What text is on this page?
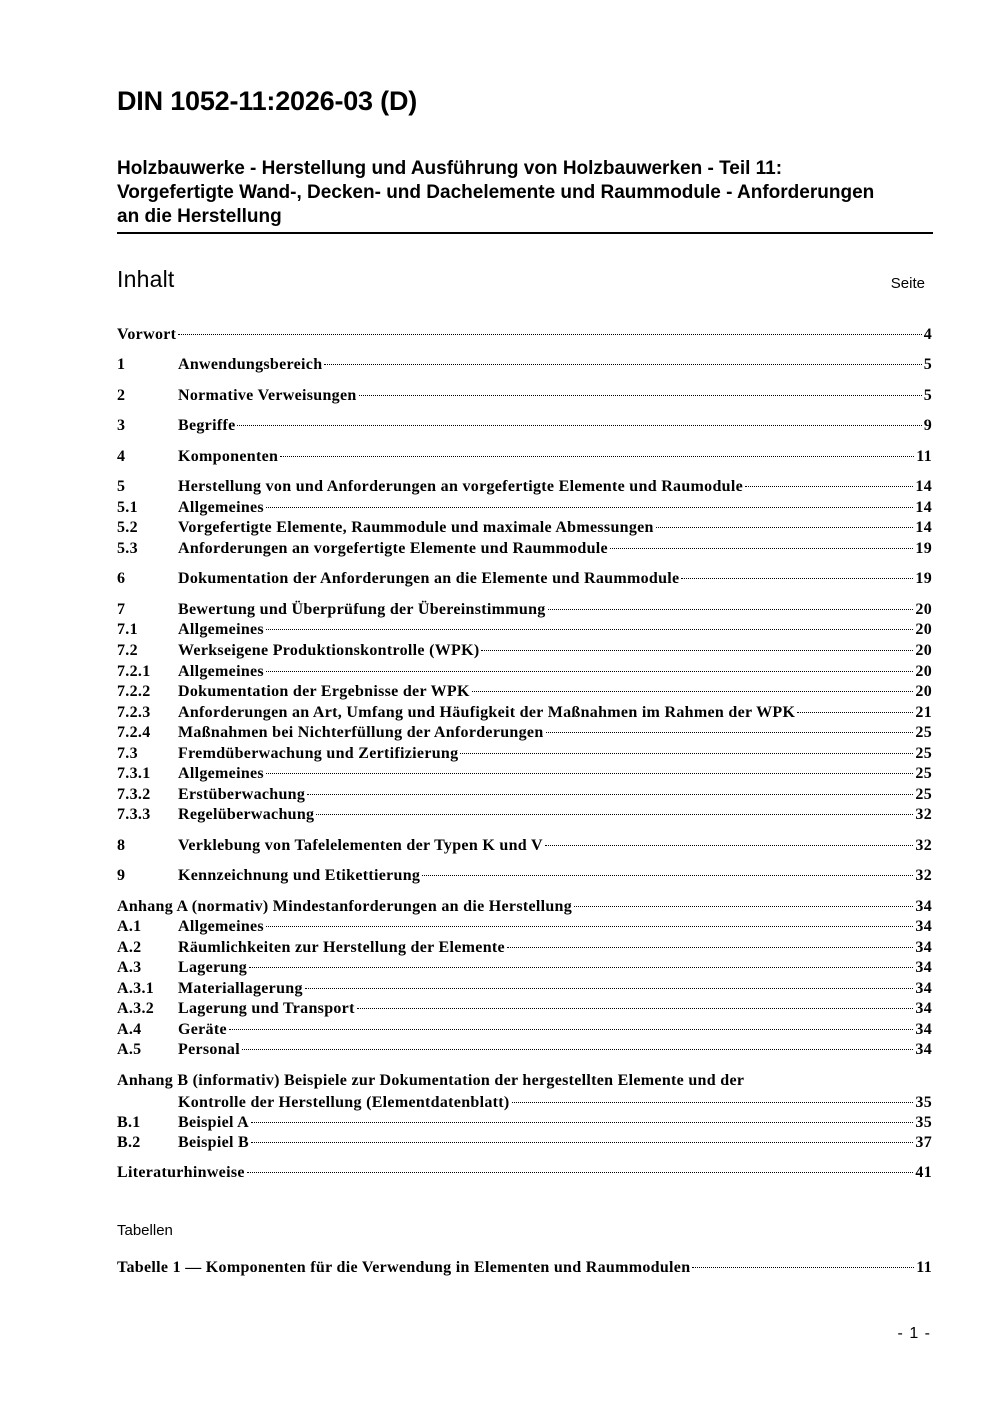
DIN 1052-11:2026-03 (D)
Holzbauwerke - Herstellung und Ausführung von Holzbauwerken - Teil 11:
Vorgefertigte Wand-, Decken- und Dachelemente und Raummodule - Anforderungen
an die Herstellung
Inhalt	Seite
Vorwort	4
1	Anwendungsbereich	5
2	Normative Verweisungen	5
3	Begriffe	9
4	Komponenten	11
5	Herstellung von und Anforderungen an vorgefertigte Elemente und Raumodule	14
5.1	Allgemeines	14
5.2	Vorgefertigte Elemente, Raummodule und maximale Abmessungen	14
5.3	Anforderungen an vorgefertigte Elemente und Raummodule	19
6	Dokumentation der Anforderungen an die Elemente und Raummodule	19
7	Bewertung und Überprüfung der Übereinstimmung	20
7.1	Allgemeines	20
7.2	Werkseigene Produktionskontrolle (WPK)	20
7.2.1 Allgemeines	20
7.2.2 Dokumentation der Ergebnisse der WPK	20
7.2.3 Anforderungen an Art, Umfang und Häufigkeit der Maßnahmen im Rahmen der WPK	21
7.2.4 Maßnahmen bei Nichterfüllung der Anforderungen	25
7.3	Fremdüberwachung und Zertifizierung	25
7.3.1 Allgemeines	25
7.3.2 Erstüberwachung	25
7.3.3 Regelüberwachung	32
8	Verklebung von Tafelelementen der Typen K und V	32
9	Kennzeichnung und Etikettierung	32
Anhang A (normativ) Mindestanforderungen an die Herstellung	34
A.1 Allgemeines	34
A.2 Räumlichkeiten zur Herstellung der Elemente	34
A.3 Lagerung	34
A.3.1 Materiallagerung	34
A.3.2 Lagerung und Transport	34
A.4 Geräte	34
A.5 Personal	34
Anhang B (informativ) Beispiele zur Dokumentation der hergestellten Elemente und der
Kontrolle der Herstellung (Elementdatenblatt)	35
B.1 Beispiel A	35
B.2 Beispiel B	37
Literaturhinweise	41
Tabellen
Tabelle 1 — Komponenten für die Verwendung in Elementen und Raummodulen	11
- 1 -
